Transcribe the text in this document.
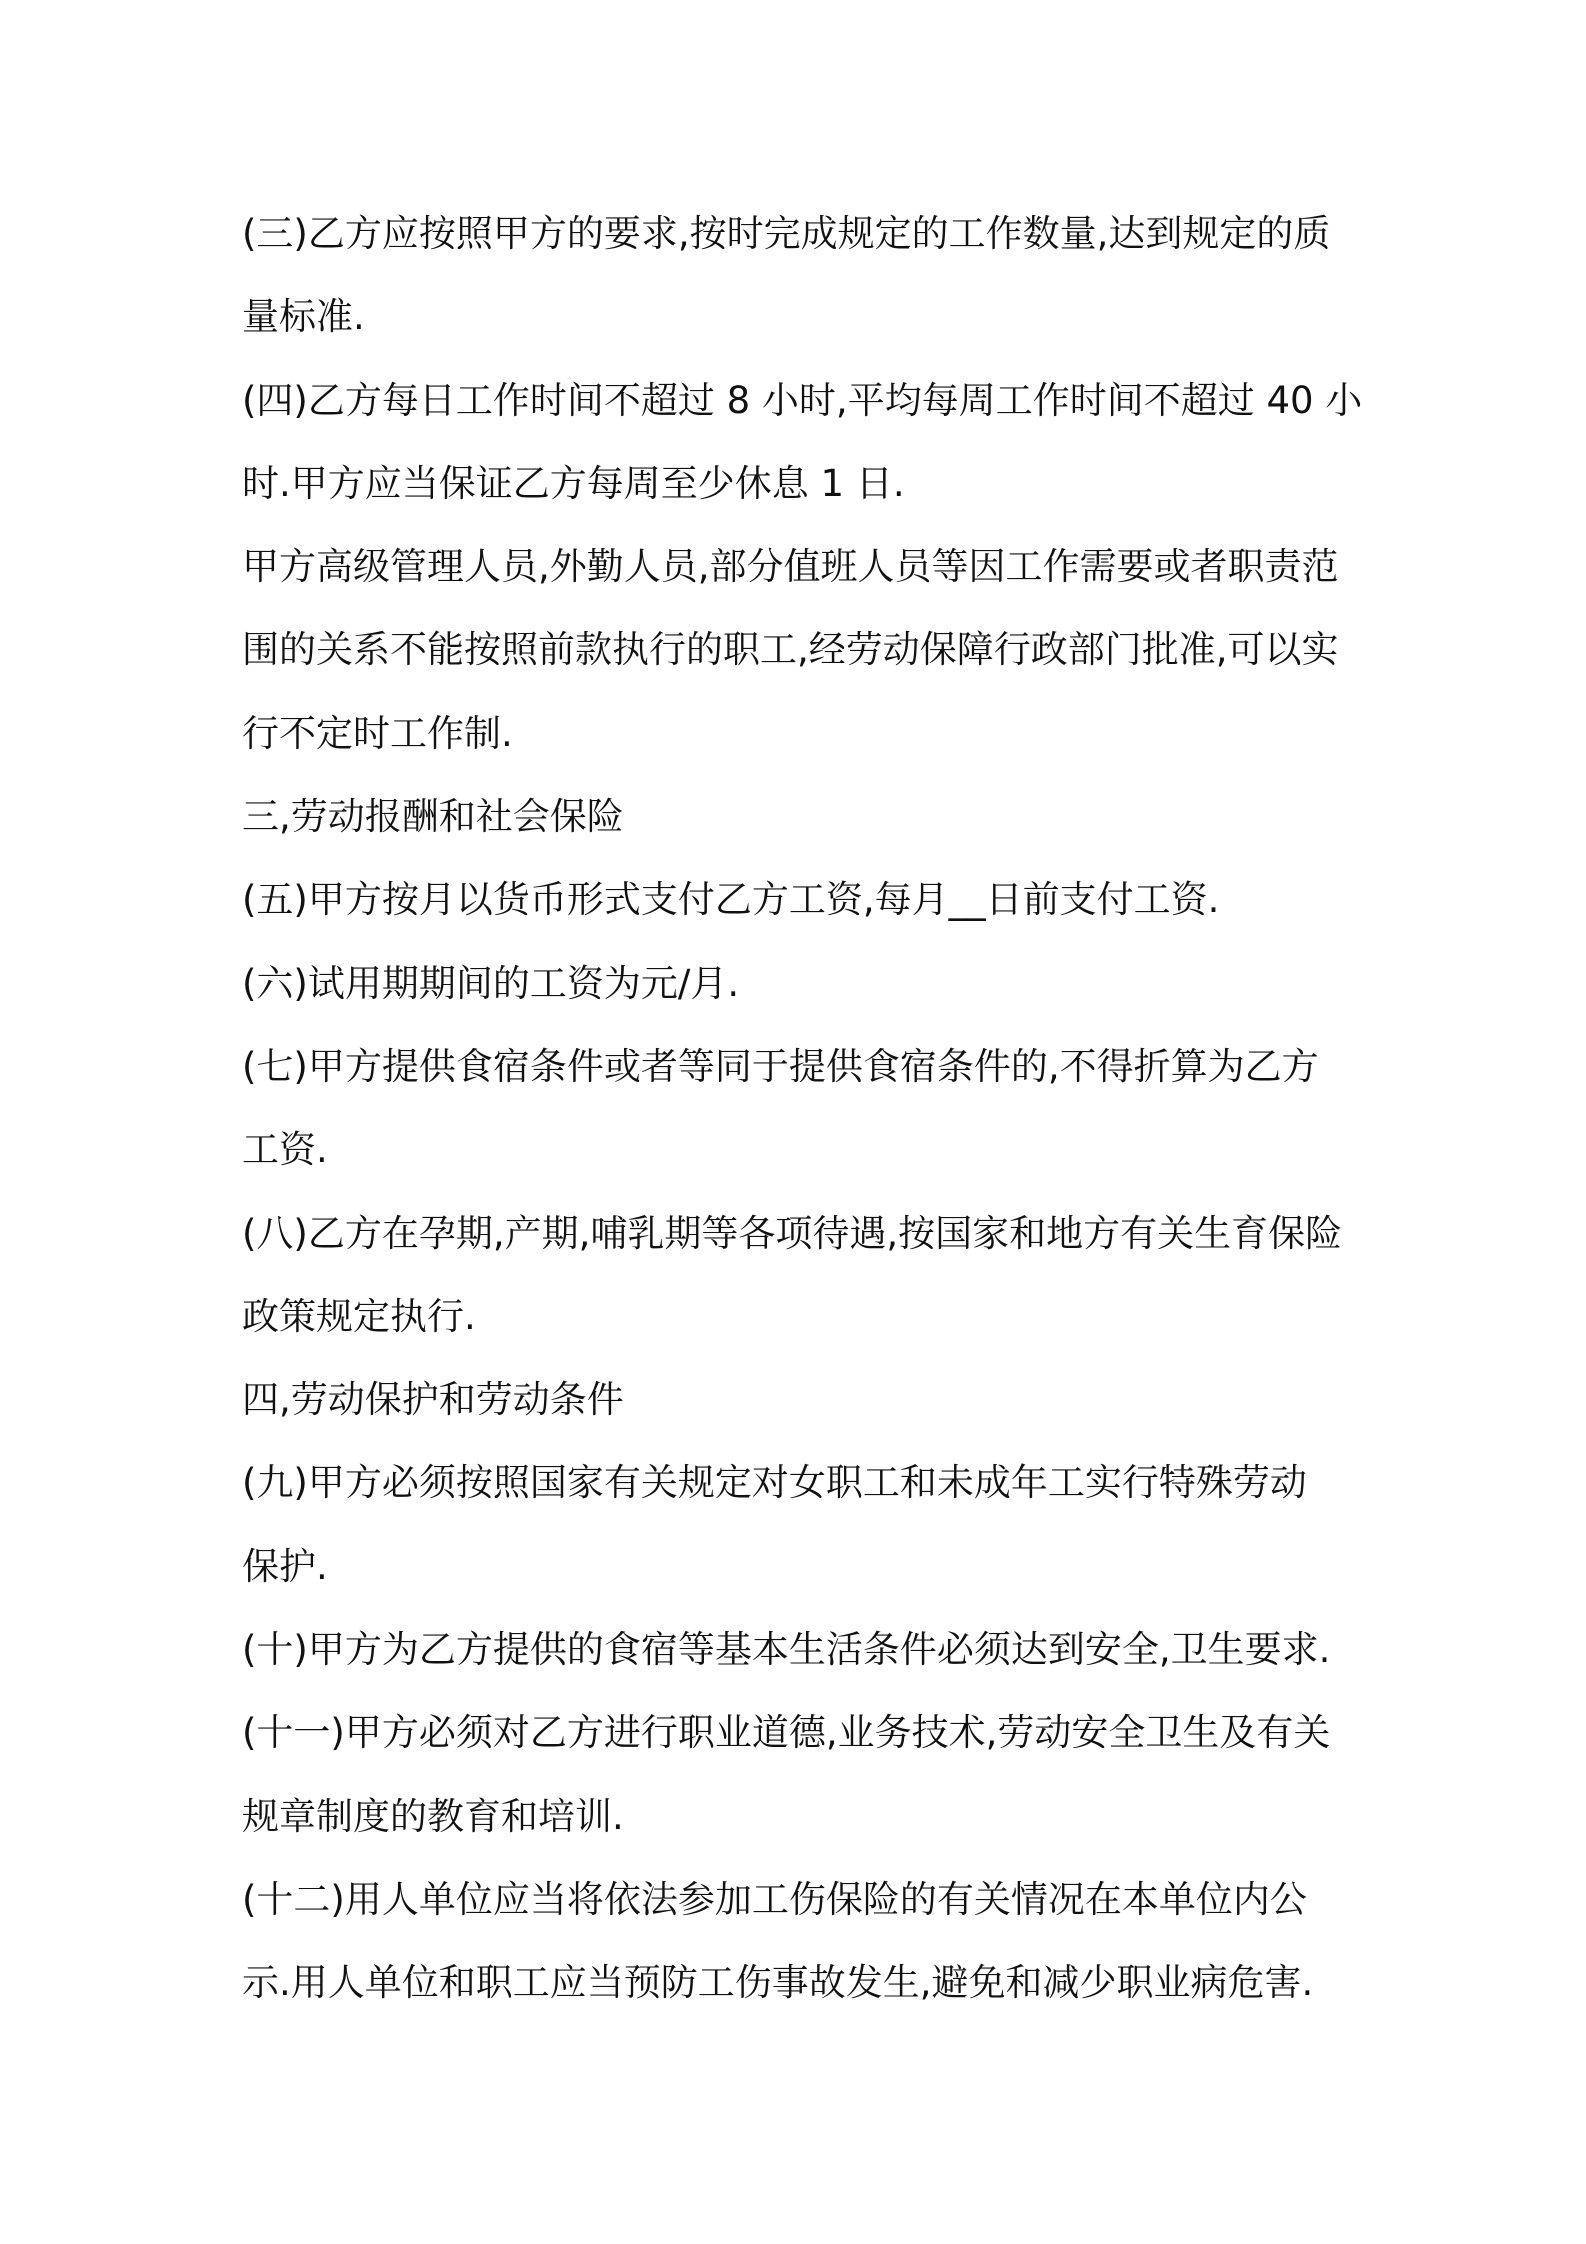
(三)乙方应按照甲方的要求,按时完成规定的工作数量,达到规定的质
量标准.
(四)乙方每日工作时间不超过 8 小时,平均每周工作时间不超过 40 小
时.甲方应当保证乙方每周至少休息 1 日.
甲方高级管理人员,外勤人员,部分值班人员等因工作需要或者职责范
围的关系不能按照前款执行的职工,经劳动保障行政部门批准,可以实
行不定时工作制.
三,劳动报酬和社会保险
(五)甲方按月以货币形式支付乙方工资,每月__日前支付工资.
(六)试用期期间的工资为元/月.
(七)甲方提供食宿条件或者等同于提供食宿条件的,不得折算为乙方
工资.
(八)乙方在孕期,产期,哺乳期等各项待遇,按国家和地方有关生育保险
政策规定执行.
四,劳动保护和劳动条件
(九)甲方必须按照国家有关规定对女职工和未成年工实行特殊劳动
保护.
(十)甲方为乙方提供的食宿等基本生活条件必须达到安全,卫生要求.
(十一)甲方必须对乙方进行职业道德,业务技术,劳动安全卫生及有关
规章制度的教育和培训.
(十二)用人单位应当将依法参加工伤保险的有关情况在本单位内公
示.用人单位和职工应当预防工伤事故发生,避免和减少职业病危害.
